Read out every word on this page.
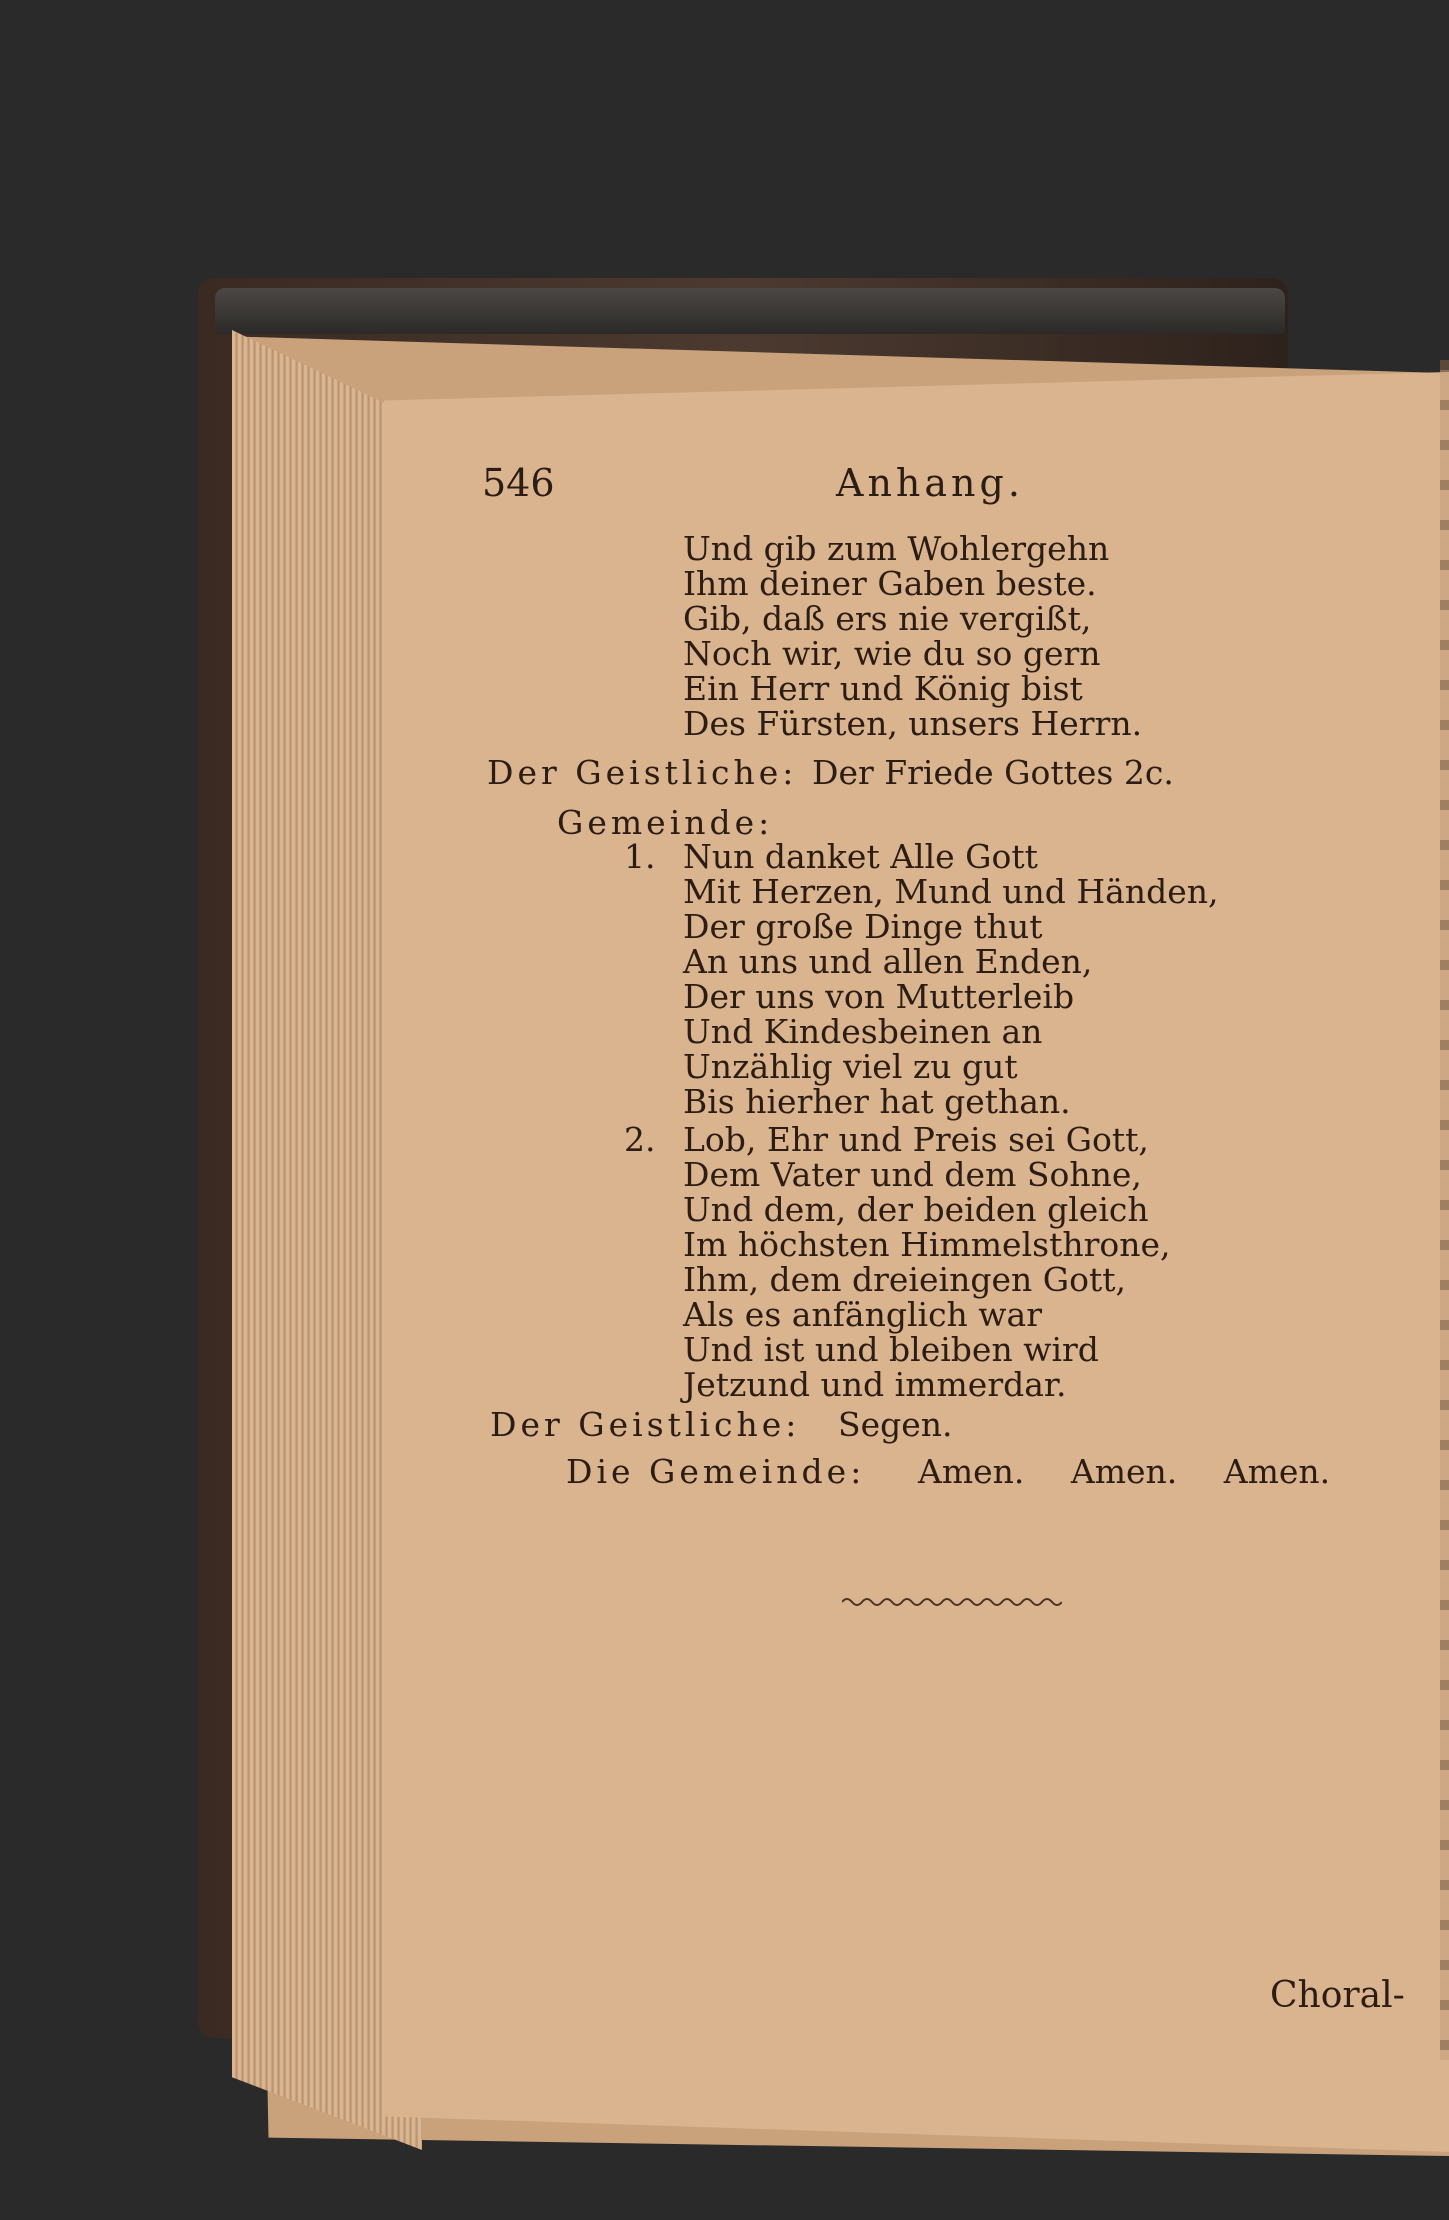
546	Anhang.
Und gib zum Wohlergehn
Ihm deiner Gaben beste.
Gib, daß ers nie vergißt,
Noch wir, wie du so gern
Ein Herr und König bist
Des Fürsten, unsers Herrn.
Der Geistliche: Der Friede Gottes 2c.
Gemeinde:
1. Nun danket Alle Gott
Mit Herzen, Mund und Händen,
Der große Dinge thut
An uns und allen Enden,
Der uns von Mutterleib
Und Kindesbeinen an
Unzählig viel zu gut
Bis hierher hat gethan.
2. Lob, Ehr und Preis sei Gott,
Dem Vater und dem Sohne,
Und dem, der beiden gleich
Im höchsten Himmelsthrone,
Ihm, dem dreieingen Gott,
Als es anfänglich war
Und ist und bleiben wird
Jetzund und immerdar.
Der Geistliche: Segen.
Die Gemeinde: Amen. Amen. Amen.
Choral-
